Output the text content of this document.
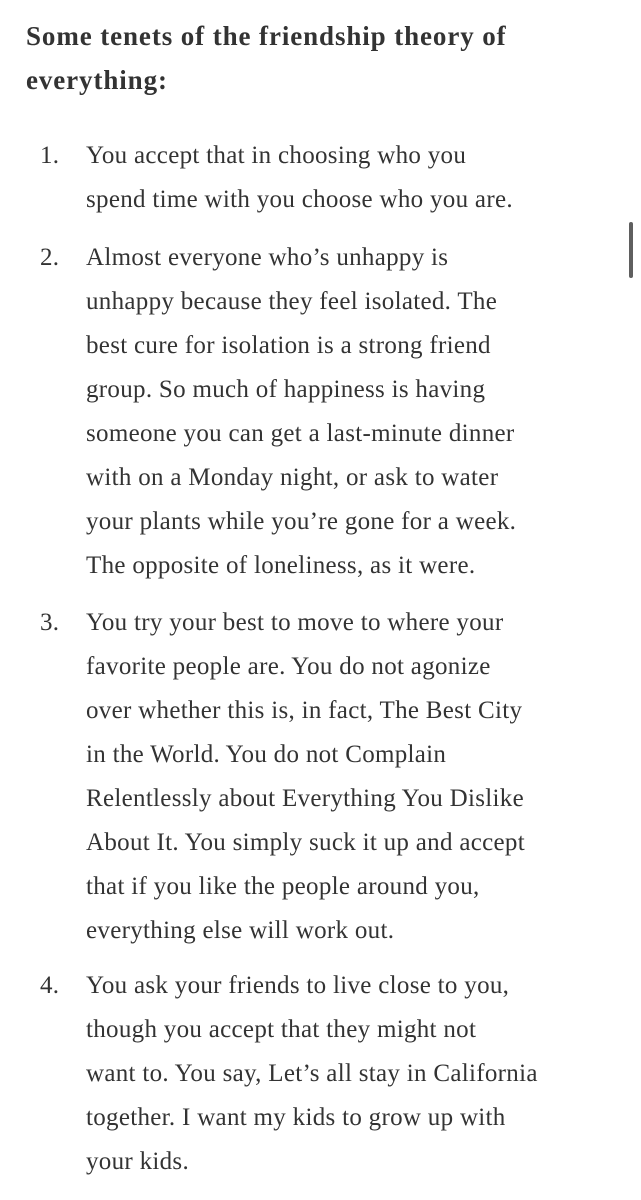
Some tenets of the friendship theory of
everything:
1. You accept that in choosing who you
spend time with you choose who you are.
2. Almost everyone who’s unhappy is
unhappy because they feel isolated. The
best cure for isolation is a strong friend
group. So much of happiness is having
someone you can get a last-minute dinner
with on a Monday night, or ask to water
your plants while you’re gone for a week.
The opposite of loneliness, as it were.
3. You try your best to move to where your
favorite people are. You do not agonize
over whether this is, in fact, The Best City
in the World. You do not Complain
Relentlessly about Everything You Dislike
About It. You simply suck it up and accept
that if you like the people around you,
everything else will work out.
4. You ask your friends to live close to you,
though you accept that they might not
want to. You say, Let’s all stay in California
together. I want my kids to grow up with
your kids.
